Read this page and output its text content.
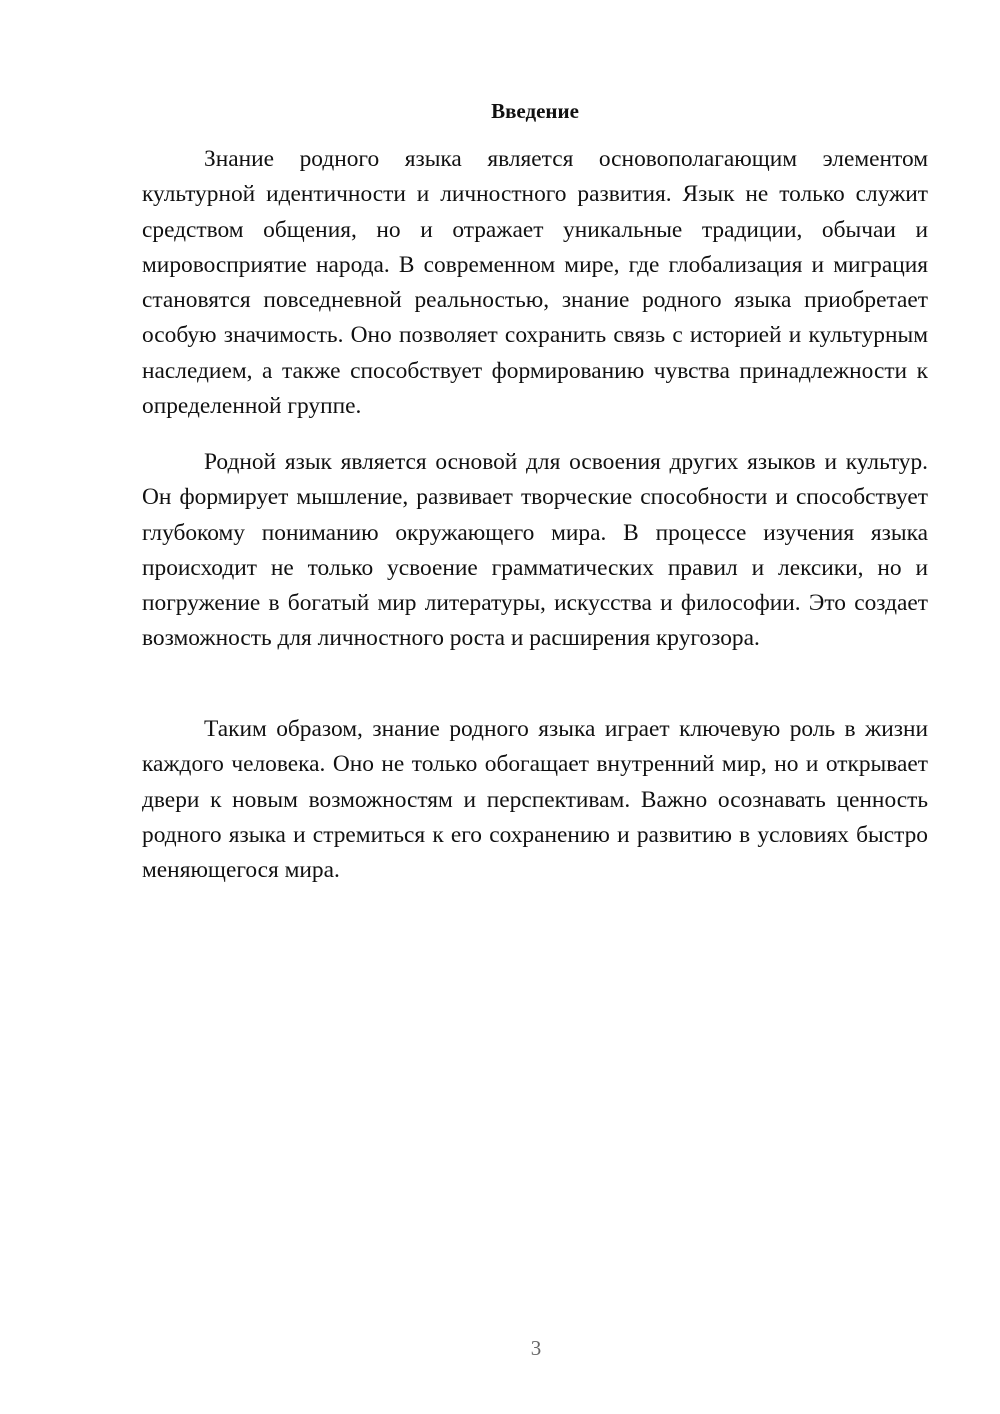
Введение

Знание родного языка является основополагающим элементом культурной идентичности и личностного развития. Язык не только служит средством общения, но и отражает уникальные традиции, обычаи и мировосприятие народа. В современном мире, где глобализация и миграция становятся повседневной реальностью, знание родного языка приобретает особую значимость. Оно позволяет сохранить связь с историей и культурным наследием, а также способствует формированию чувства принадлежности к определенной группе.

Родной язык является основой для освоения других языков и культур. Он формирует мышление, развивает творческие способности и способствует глубокому пониманию окружающего мира. В процессе изучения языка происходит не только усвоение грамматических правил и лексики, но и погружение в богатый мир литературы, искусства и философии. Это создает возможность для личностного роста и расширения кругозора.

Таким образом, знание родного языка играет ключевую роль в жизни каждого человека. Оно не только обогащает внутренний мир, но и открывает двери к новым возможностям и перспективам. Важно осознавать ценность родного языка и стремиться к его сохранению и развитию в условиях быстро меняющегося мира.

3
